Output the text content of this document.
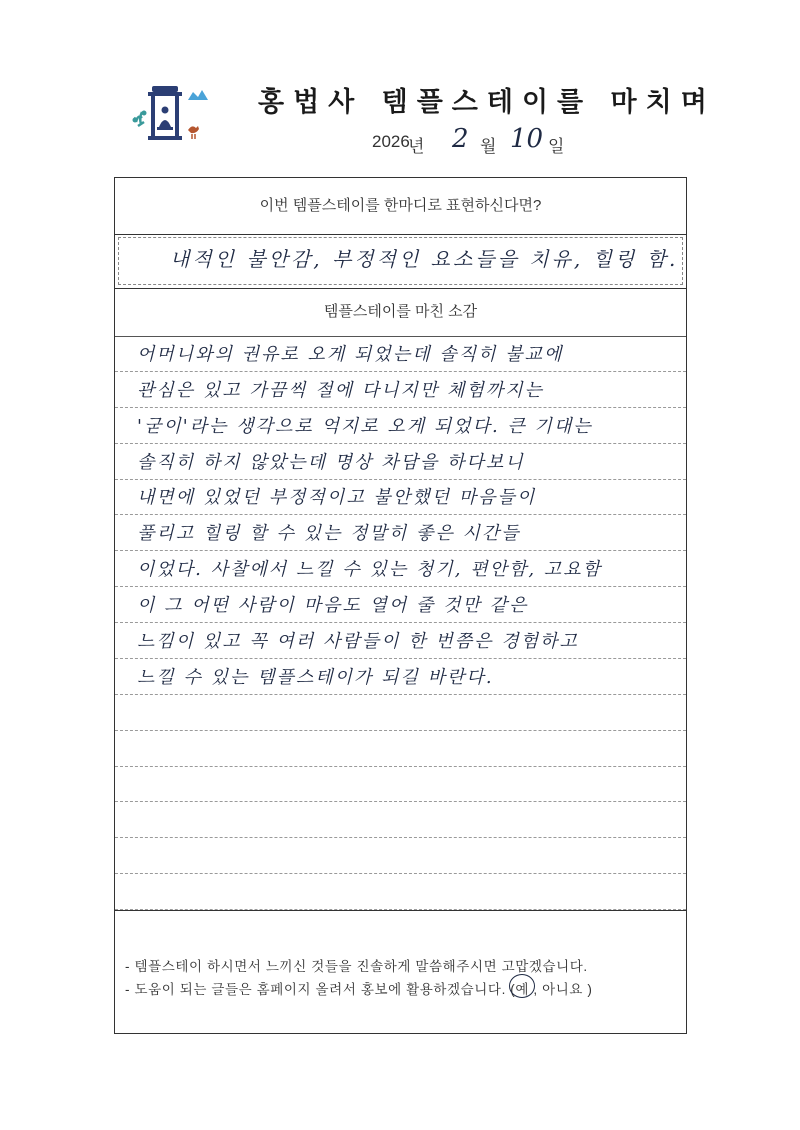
홍법사 템플스테이를 마치며
2026
년 2 월 10 일
이번 템플스테이를 한마디로 표현하신다면?
내적인 불안감, 부정적인 요소들을 치유, 힐링 함.
템플스테이를 마친 소감
어머니와의 권유로 오게 되었는데 솔직히 불교에
관심은 있고 가끔씩 절에 다니지만 체험까지는
'굳이'라는 생각으로 억지로 오게 되었다. 큰 기대는
솔직히 하지 않았는데 명상 차담을 하다보니
내면에 있었던 부정적이고 불안했던 마음들이
풀리고 힐링 할 수 있는 정말히 좋은 시간들
이었다. 사찰에서 느낄 수 있는 청기, 편안함, 고요함
이 그 어떤 사람이 마음도 열어 줄 것만 같은
느낌이 있고 꼭 여러 사람들이 한 번쯤은 경험하고
느낄 수 있는 템플스테이가 되길 바란다.
- 템플스테이 하시면서 느끼신 것들을 진솔하게 말씀해주시면 고맙겠습니다.
- 도움이 되는 글들은 홈페이지 올려서 홍보에 활용하겠습니다. (
예 , 아니요 )
